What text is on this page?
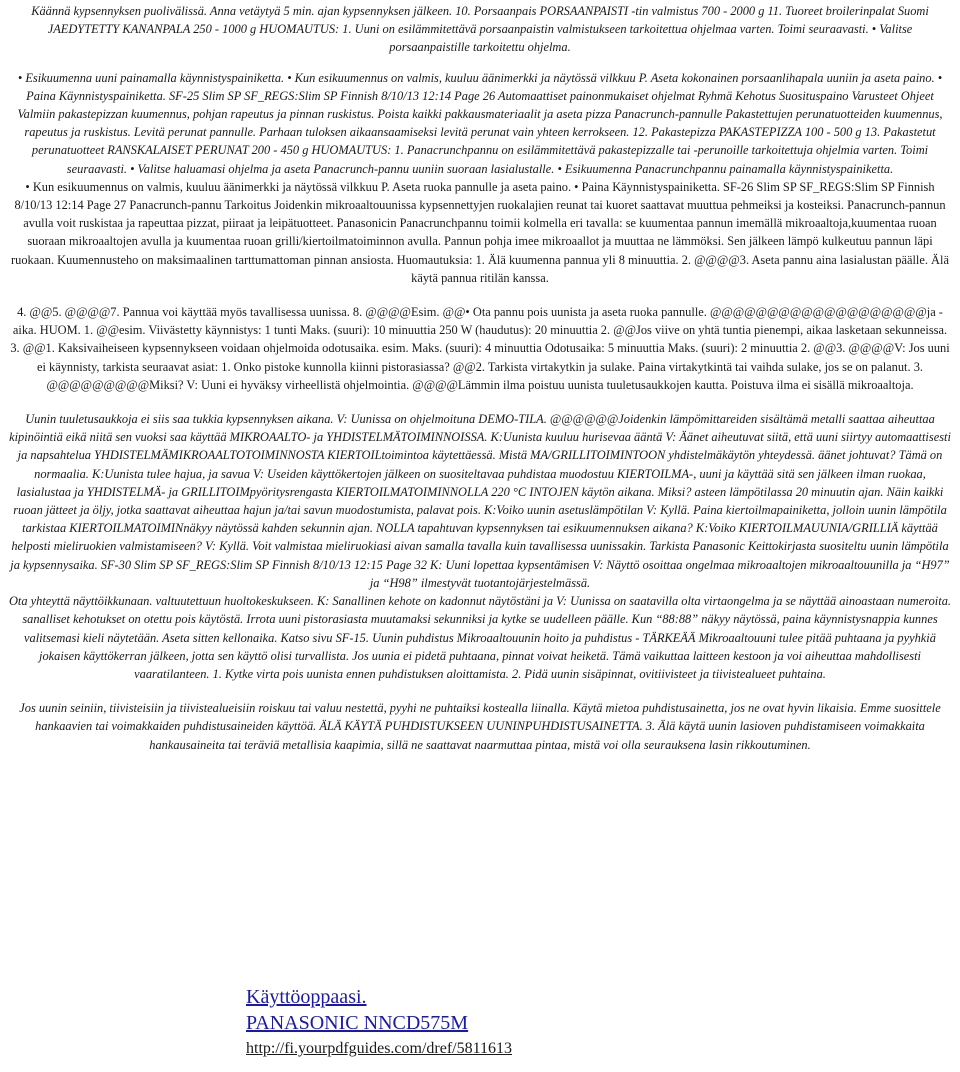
Käännä kypsennyksen puolivälissä. Anna vetäytyä 5 min. ajan kypsennyksen jälkeen. 10. Porsaanpais PORSAANPAISTI -tin valmistus 700 - 2000 g 11. Tuoreet broilerinpalat Suomi JAEDYTETTY KANANPALA 250 - 1000 g HUOMAUTUS: 1. Uuni on esilämmitettävä porsaanpaistin valmistukseen tarkoitettua ohjelmaa varten. Toimi seuraavasti. • Valitse porsaanpaistille tarkoitettu ohjelma.

• Esikuumenna uuni painamalla käynnistyspainiketta. • Kun esikuumennus on valmis, kuuluu äänimerkki ja näytössä vilkkuu P. Aseta kokonainen porsaanlihapala uuniin ja aseta paino. • Paina Käynnistyspainiketta. SF-25 Slim SP SF_REGS:Slim SP Finnish 8/10/13 12:14 Page 26 Automaattiset painonmukaiset ohjelmat Ryhmä Kehotus Suosituspaino Varusteet Ohjeet Valmiin pakastepizzan kuumennus, pohjan rapeutus ja pinnan ruskistus. Poista kaikki pakkausmateriaalit ja aseta pizza Panacrunch-pannulle Pakastettujen perunatuotteiden kuumennus, rapeutus ja ruskistus. Levitä perunat pannulle. Parhaan tuloksen aikaansaamiseksi levitä perunat vain yhteen kerrokseen. 12. Pakastepizza PAKASTEPIZZA 100 - 500 g 13. Pakastetut perunatuotteet RANSKALAISET PERUNAT 200 - 450 g HUOMAUTUS: 1. Panacrunchpannu on esilämmitettävä pakastepizzalle tai -perunoille tarkoitettuja ohjelmia varten. Toimi seuraavasti. • Valitse haluamasi ohjelma ja aseta Panacrunch-pannu uuniin suoraan lasialustalle. • Esikuumenna Panacrunchpannu painamalla käynnistyspainiketta.

• Kun esikuumennus on valmis, kuuluu äänimerkki ja näytössä vilkkuu P. Aseta ruoka pannulle ja aseta paino. • Paina Käynnistyspainiketta. SF-26 Slim SP SF_REGS:Slim SP Finnish 8/10/13 12:14 Page 27 Panacrunch-pannu Tarkoitus Joidenkin mikroaaltouunissa kypsennettyjen ruokalajien reunat tai kuoret saattavat muuttua pehmeiksi ja kosteiksi. Panacrunch-pannun avulla voit ruskistaa ja rapeuttaa pizzat, piiraat ja leipätuotteet. Panasonicin Panacrunchpannu toimii kolmella eri tavalla: se kuumentaa pannun imemällä mikroaaltoja,kuumentaa ruoan suoraan mikroaaltojen avulla ja kuumentaa ruoan grilli/kiertoilmatoiminnon avulla. Pannun pohja imee mikroaallot ja muuttaa ne lämmöksi. Sen jälkeen lämpö kulkeutuu pannun läpi ruokaan. Kuumennusteho on maksimaalinen tarttumattoman pinnan ansiosta. Huomautuksia: 1. Älä kuumenna pannua yli 8 minuuttia. 2. @@@@3. Aseta pannu aina lasialustan päälle. Älä käytä pannua ritilän kanssa.

4. @@5. @@@@7. Pannua voi käyttää myös tavallisessa uunissa. 8. @@@@Esim. @@• Ota pannu pois uunista ja aseta ruoka pannulle. @@@@@@@@@@@@@@@@@@@ja -aika. HUOM. 1. @@esim. Viivästetty käynnistys: 1 tunti Maks. (suuri): 10 minuuttia 250 W (haudutus): 20 minuuttia 2. @@Jos viive on yhtä tuntia pienempi, aikaa lasketaan sekunneissa. 3. @@1. Kaksivaiheiseen kypsennykseen voidaan ohjelmoida odotusaika. esim. Maks. (suuri): 4 minuuttia Odotusaika: 5 minuuttia Maks. (suuri): 2 minuuttia 2. @@3. @@@@V: Jos uuni ei käynnisty, tarkista seuraavat asiat: 1. Onko pistoke kunnolla kiinni pistorasiassa? @@2. Tarkista virtakytkin ja sulake. Paina virtakytkintä tai vaihda sulake, jos se on palanut. 3. @@@@@@@@@Miksi? V: Uuni ei hyväksy virheellistä ohjelmointia. @@@@Lämmin ilma poistuu uunista tuuletusaukkojen kautta. Poistuva ilma ei sisällä mikroaaltoja.

Uunin tuuletusaukkoja ei siis saa tukkia kypsennyksen aikana. V: Uunissa on ohjelmoituna DEMO-TILA. @@@@@@Joidenkin lämpömittareiden sisältämä metalli saattaa aiheuttaa kipinöintiä eikä niitä sen vuoksi saa käyttää MIKROAALTO- ja YHDISTELMÄTOIMINNOISSA. K:Uunista kuuluu hurisevaa ääntä V: Äänet aiheutuvat siitä, että uuni siirtyy automaattisesti ja napsahtelua YHDISTELMÄMIKROAALTOTOIMINNOSTA KIERTOILtoimintoa käytettäessä. Mistä MA/GRILLITOIMINTOON yhdistelmäkäytön yhteydessä. äänet johtuvat? Tämä on normaalia. K:Uunista tulee hajua, ja savua V: Useiden käyttökertojen jälkeen on suositeltavaa puhdistaa muodostuu KIERTOILMA-, uuni ja käyttää sitä sen jälkeen ilman ruokaa, lasialustaa ja YHDISTELMÄ- ja GRILLITOIMpyöritysrengasta KIERTOILMATOIMINNOLLA 220 °C INTOJEN käytön aikana. Miksi? asteen lämpötilassa 20 minuutin ajan. Näin kaikki ruoan jätteet ja öljy, jotka saattavat aiheuttaa hajun ja/tai savun muodostumista, palavat pois. K:Voiko uunin asetuslämpötilan V: Kyllä. Paina kiertoilmapainiketta, jolloin uunin lämpötila tarkistaa KIERTOILMATOIMINnäkyy näytössä kahden sekunnin ajan. NOLLA tapahtuvan kypsennyksen tai esikuumennuksen aikana? K:Voiko KIERTOILMAUUNIA/GRILLIÄ käyttää helposti mieliruokien valmistamiseen? V: Kyllä. Voit valmistaa mieliruokiasi aivan samalla tavalla kuin tavallisessa uunissakin. Tarkista Panasonic Keittokirjasta suositeltu uunin lämpötila ja kypsennysaika. SF-30 Slim SP SF_REGS:Slim SP Finnish 8/10/13 12:15 Page 32 K: Uuni lopettaa kypsentämisen V: Näyttö osoittaa ongelmaa mikroaaltojen mikroaaltouunilla ja “H97” ja “H98” ilmestyvät tuotantojärjestelmässä.

Ota yhteyttä näyttöikkunaan. valtuutettuun huoltokeskukseen. K: Sanallinen kehote on kadonnut näytöstäni ja V: Uunissa on saatavilla olta virtaongelma ja se näyttää ainoastaan numeroita. sanalliset kehotukset on otettu pois käytöstä. Irrota uuni pistorasiasta muutamaksi sekunniksi ja kytke se uudelleen päälle. Kun “88:88” näkyy näytössä, paina käynnistysnappia kunnes valitsemasi kieli näytetään. Aseta sitten kellonaika. Katso sivu SF-15. Uunin puhdistus Mikroaaltouunin hoito ja puhdistus - TÄRKEÄÄ Mikroaaltouuni tulee pitää puhtaana ja pyyhkiä jokaisen käyttökerran jälkeen, jotta sen käyttö olisi turvallista. Jos uunia ei pidetä puhtaana, pinnat voivat heiketä. Tämä vaikuttaa laitteen kestoon ja voi aiheuttaa mahdollisesti vaaratilanteen. 1. Kytke virta pois uunista ennen puhdistuksen aloittamista. 2. Pidä uunin sisäpinnat, ovitiivisteet ja tiivistealueet puhtaina.

Jos uunin seiniin, tiivisteisiin ja tiivistealueisiin roiskuu tai valuu nestettä, pyyhi ne puhtaiksi kostealla liinalla. Käytä mietoa puhdistusainetta, jos ne ovat hyvin likaisia. Emme suosittele hankaavien tai voimakkaiden puhdistusaineiden käyttöä. ÄLÄ KÄYTÄ PUHDISTUKSEEN UUNINPUHDISTUSAINETTA. 3. Älä käytä uunin lasioven puhdistamiseen voimakkaita hankausaineita tai teräviä metallisia kaapimia, sillä ne saattavat naarmuttaa pintaa, mistä voi olla seurauksena lasin rikkoutuminen.

Käyttöoppaasi.
PANASONIC NNCD575M
http://fi.yourpdfguides.com/dref/5811613
